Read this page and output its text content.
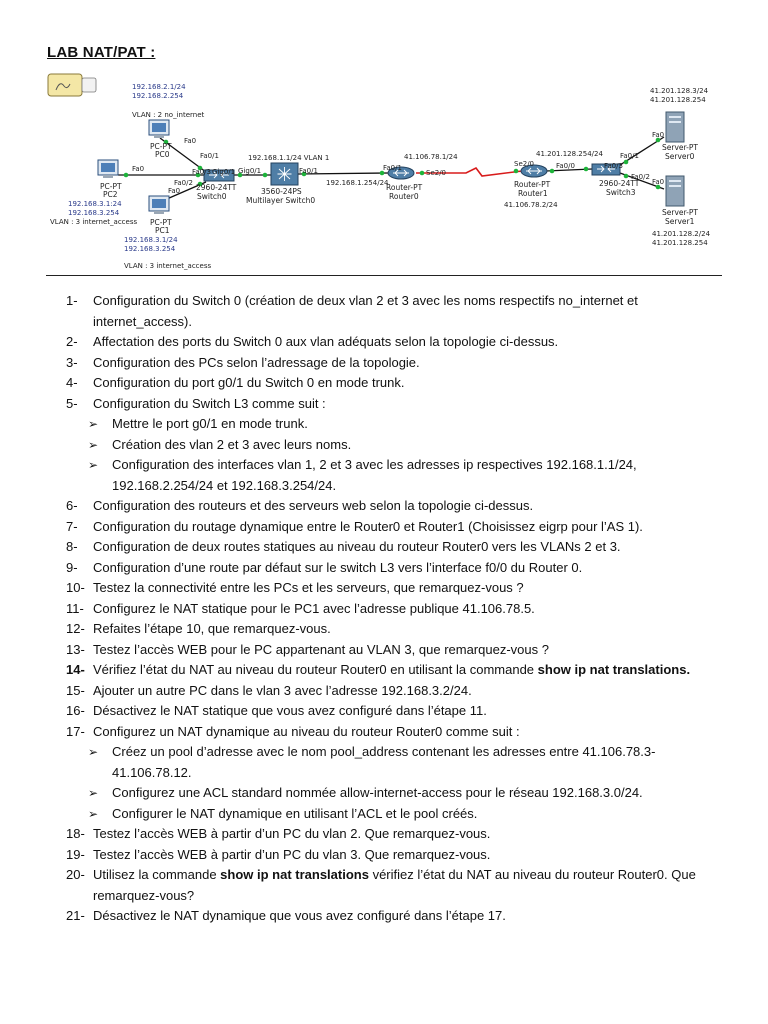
LAB NAT/PAT :
192.168.2.1/24
192.168.2.254
VLAN : 2 no_internet
PC-PT
PC0
Fa0
Fa0
PC-PT
PC2
192.168.3.1:24
192.168.3.254
VLAN : 3 internet_access
Fa0
PC-PT
PC1
192.168.3.1/24
192.168.3.254
VLAN : 3 internet_access
Fa0/1
Fa0/3
Fa0/2
Gig0/1
2960-24TT
Switch0
192.168.1.1/24 VLAN 1
Gig0/1	Fa0/1
3560-24PS
Multilayer Switch0
Fa0/1
Se2/0
41.106.78.1/24
192.168.1.254/24
Router-PT
Router0
Se2/0	Fa0/0
41.201.128.254/24
Router-PT
Router1
41.106.78.2/24
Fa0/1
Fa0/3
Fa0/2
2960-24TT
Switch3
41.201.128.3/24
41.201.128.254
Fa0
Server-PT
Server0
Fa0
Server-PT
Server1
41.201.128.2/24
41.201.128.254
1- Configuration du Switch 0 (création de deux vlan 2 et 3 avec les noms respectifs no_internet et internet_access).
2- Affectation des ports du Switch 0 aux vlan adéquats selon la topologie ci-dessus.
3- Configuration des PCs selon l’adressage de la topologie.
4- Configuration du port g0/1 du Switch 0 en mode trunk.
5- Configuration du Switch L3 comme suit :
➢ Mettre le port g0/1 en mode trunk.
➢ Création des vlan 2 et 3 avec leurs noms.
➢ Configuration des interfaces vlan 1, 2 et 3 avec les adresses ip respectives 192.168.1.1/24, 192.168.2.254/24 et 192.168.3.254/24.
6- Configuration des routeurs et des serveurs web selon la topologie ci-dessus.
7- Configuration du routage dynamique entre le Router0 et Router1 (Choisissez eigrp pour l’AS 1).
8- Configuration de deux routes statiques au niveau du routeur Router0 vers les VLANs 2 et 3.
9- Configuration d’une route par défaut sur le switch L3 vers l’interface f0/0 du Router 0.
10- Testez la connectivité entre les PCs et les serveurs, que remarquez-vous ?
11- Configurez le NAT statique pour le PC1 avec l’adresse publique 41.106.78.5.
12- Refaites l’étape 10, que remarquez-vous.
13- Testez l’accès WEB pour le PC appartenant au VLAN 3, que remarquez-vous ?
14- Vérifiez l’état du NAT au niveau du routeur Router0 en utilisant la commande show ip nat translations.
15- Ajouter un autre PC dans le vlan 3 avec l’adresse 192.168.3.2/24.
16- Désactivez le NAT statique que vous avez configuré dans l’étape 11.
17- Configurez un NAT dynamique au niveau du routeur Router0 comme suit :
➢ Créez un pool d’adresse avec le nom pool_address contenant les adresses entre 41.106.78.3-41.106.78.12.
➢ Configurez une ACL standard nommée allow-internet-access pour le réseau 192.168.3.0/24.
➢ Configurer le NAT dynamique en utilisant l’ACL et le pool créés.
18- Testez l’accès WEB à partir d’un PC du vlan 2. Que remarquez-vous.
19- Testez l’accès WEB à partir d’un PC du vlan 3. Que remarquez-vous.
20- Utilisez la commande show ip nat translations vérifiez l’état du NAT au niveau du routeur Router0. Que remarquez-vous?
21- Désactivez le NAT dynamique que vous avez configuré dans l’étape 17.
